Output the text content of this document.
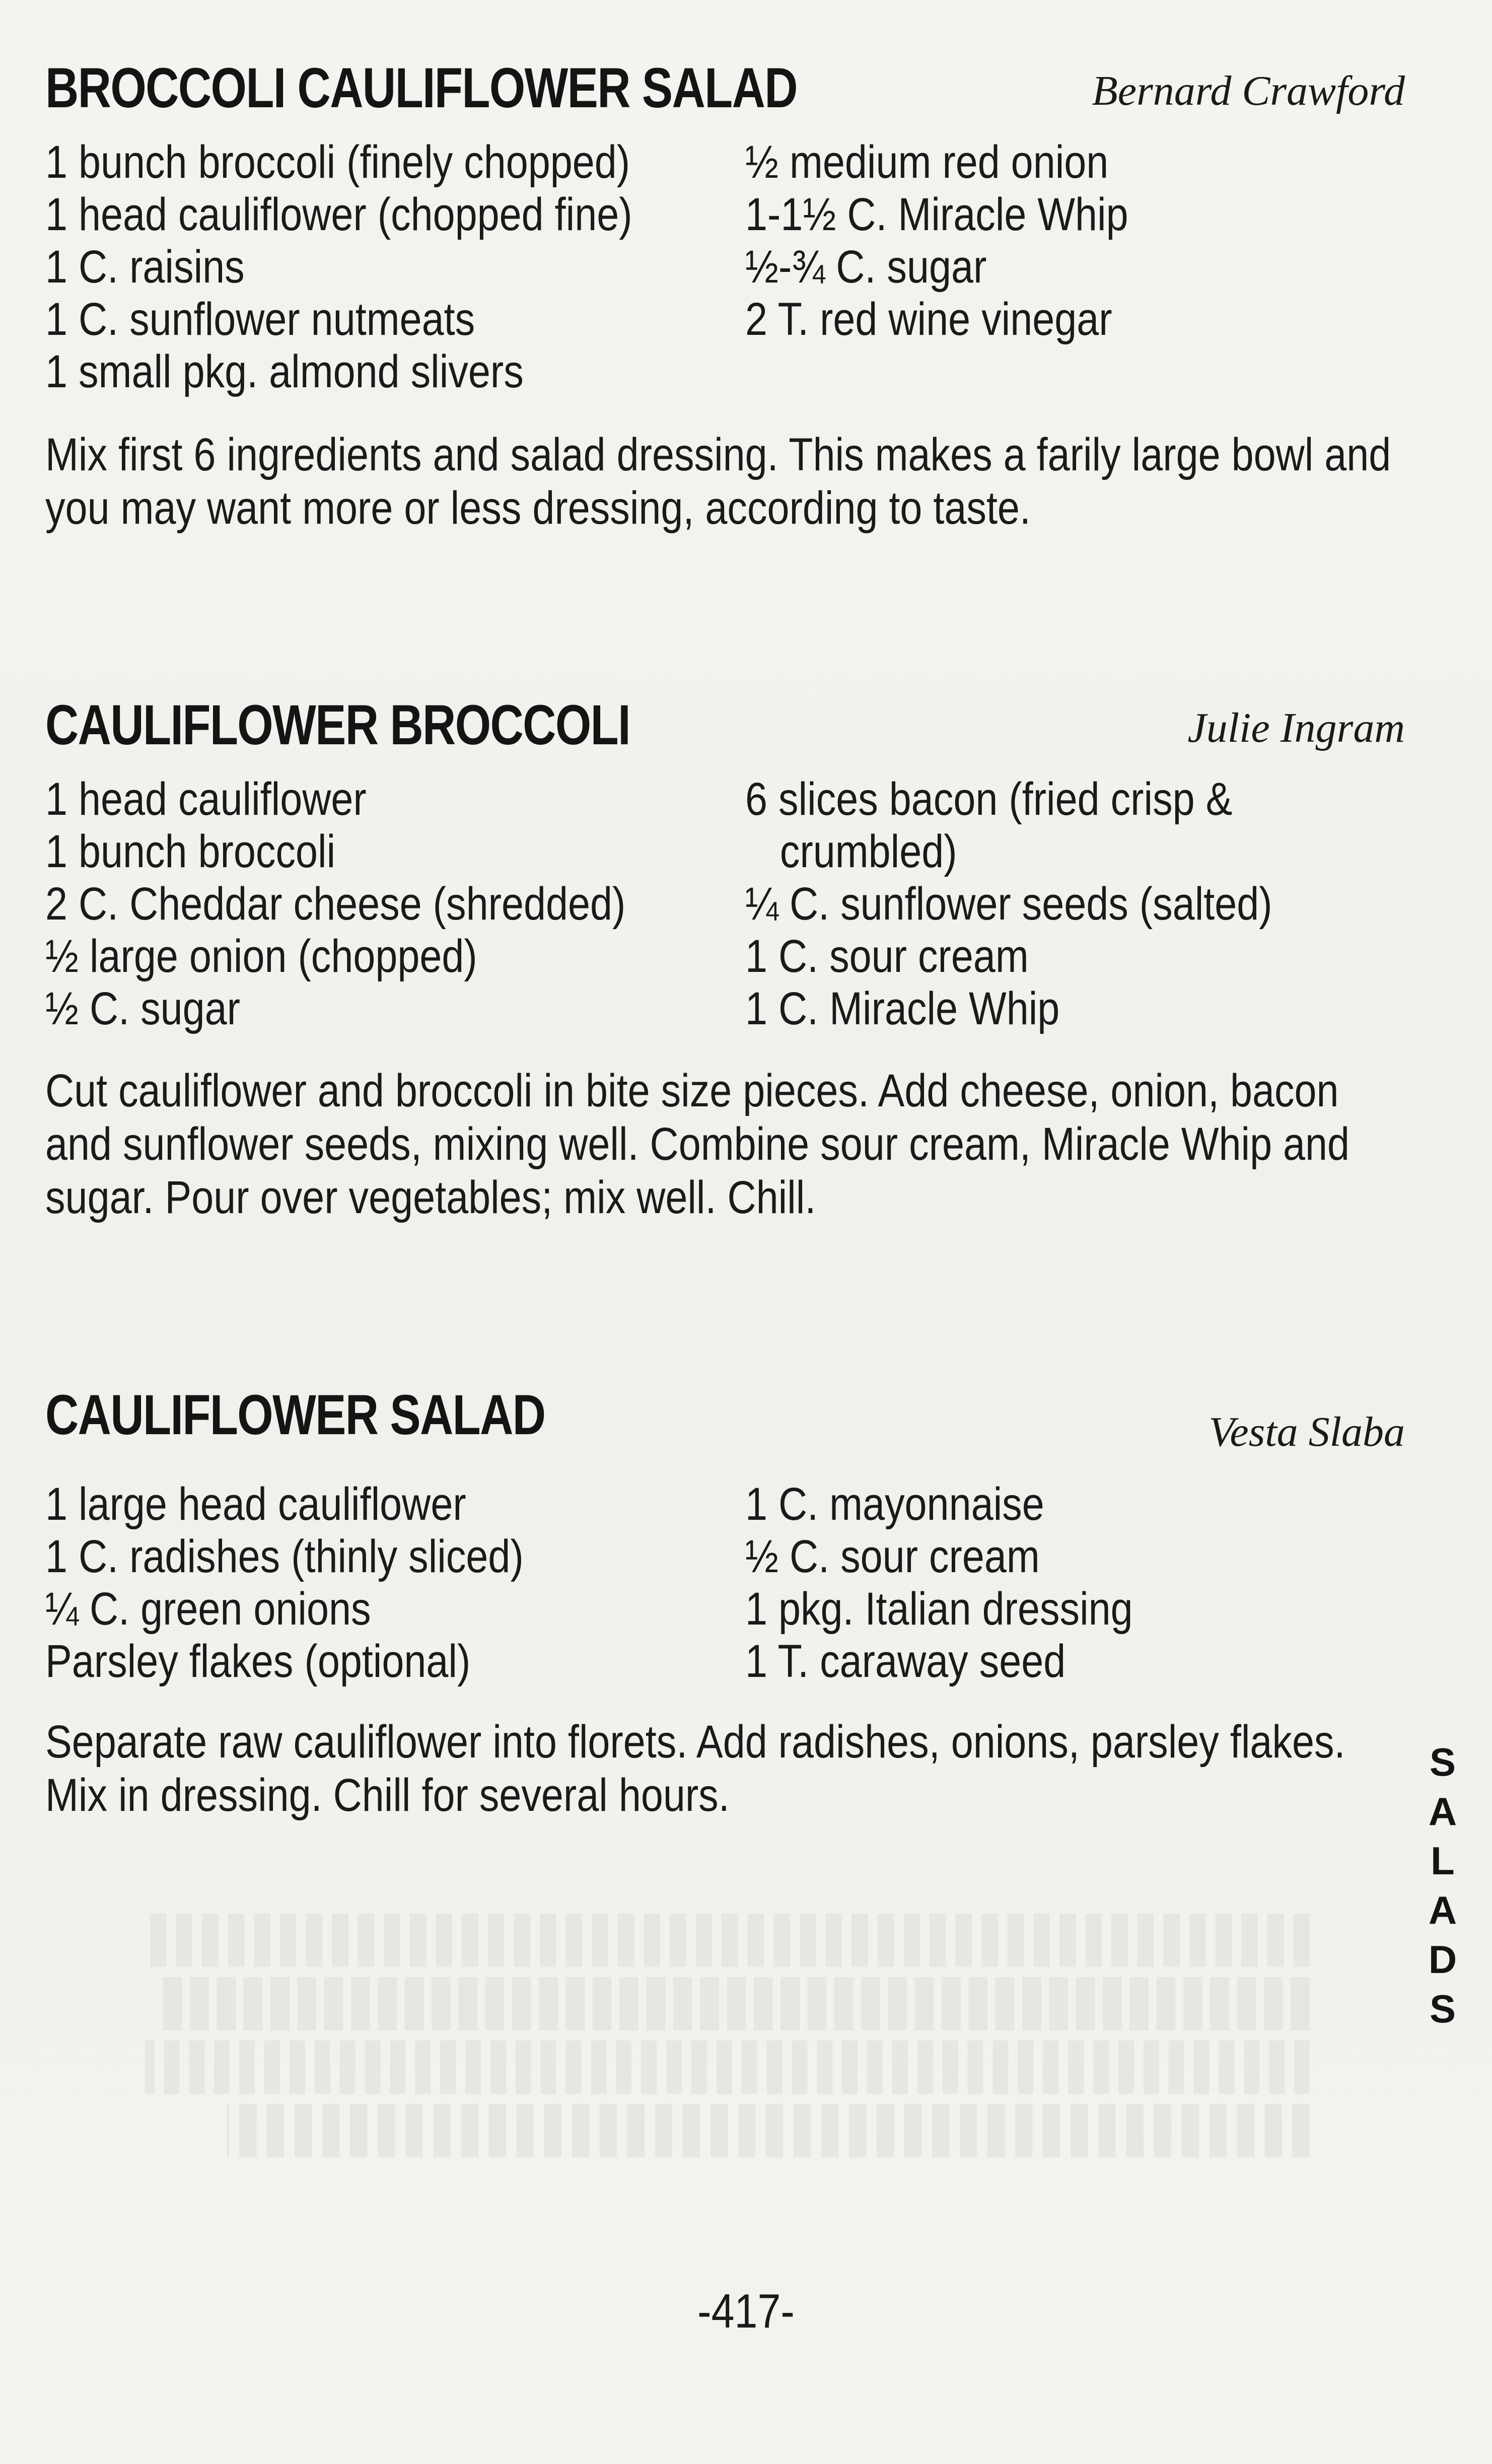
BROCCOLI CAULIFLOWER SALAD	Bernard Crawford
1 bunch broccoli (finely chopped)
1 head cauliflower (chopped fine)
1 C. raisins
1 C. sunflower nutmeats
1 small pkg. almond slivers
½ medium red onion
1-1½ C. Miracle Whip
½-¾ C. sugar
2 T. red wine vinegar
Mix first 6 ingredients and salad dressing. This makes a farily large bowl and you may want more or less dressing, according to taste.
CAULIFLOWER BROCCOLI	Julie Ingram
1 head cauliflower
1 bunch broccoli
2 C. Cheddar cheese (shredded)
½ large onion (chopped)
½ C. sugar
6 slices bacon (fried crisp &
crumbled)
¼ C. sunflower seeds (salted)
1 C. sour cream
1 C. Miracle Whip
Cut cauliflower and broccoli in bite size pieces. Add cheese, onion, bacon and sunflower seeds, mixing well. Combine sour cream, Miracle Whip and sugar. Pour over vegetables; mix well. Chill.
CAULIFLOWER SALAD	Vesta Slaba
1 large head cauliflower
1 C. radishes (thinly sliced)
¼ C. green onions
Parsley flakes (optional)
1 C. mayonnaise
½ C. sour cream
1 pkg. Italian dressing
1 T. caraway seed
Separate raw cauliflower into florets. Add radishes, onions, parsley flakes. Mix in dressing. Chill for several hours.
S
A
L
A
D
S
-417-
